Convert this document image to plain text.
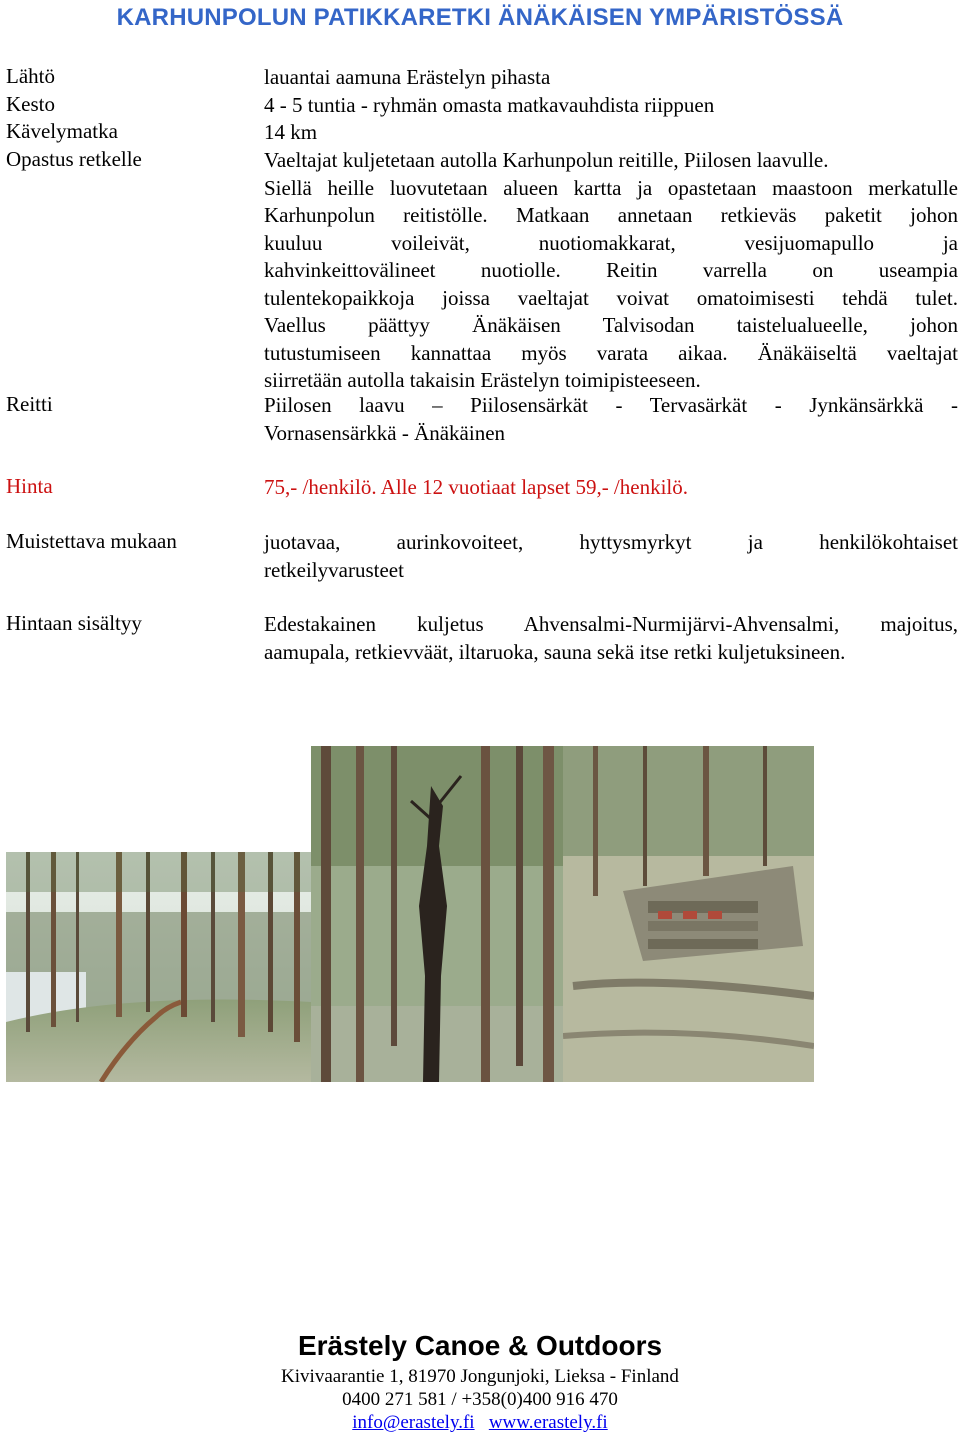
KARHUNPOLUN PATIKKARETKI ÄNÄKÄISEN YMPÄRISTÖSSÄ
Lähtö	lauantai aamuna Erästelyn pihasta
Kesto	4 - 5 tuntia - ryhmän omasta matkavauhdista riippuen
Kävelymatka	14 km
Opastus retkelle	Vaeltajat kuljetetaan autolla Karhunpolun reitille, Piilosen laavulle.
Siellä heille luovutetaan alueen kartta ja opastetaan maastoon merkatulle
Karhunpolun reitistölle. Matkaan annetaan retkieväs paketit johon
kuuluu voileivät, nuotiomakkarat, vesijuomapullo ja
kahvinkeittovälineet nuotiolle. Reitin varrella on useampia
tulentekopaikkoja joissa vaeltajat voivat omatoimisesti tehdä tulet.
Vaellus päättyy Änäkäisen Talvisodan taistelualueelle, johon
tutustumiseen kannattaa myös varata aikaa. Änäkäiseltä vaeltajat
siirretään autolla takaisin Erästelyn toimipisteeseen.
Reitti	Piilosen laavu – Piilosensärkät - Tervasärkät - Jynkänsärkkä -
Vornasensärkkä - Änäkäinen
Hinta	75,- /henkilö. Alle 12 vuotiaat lapset 59,- /henkilö.
Muistettava mukaan	juotavaa, aurinkovoiteet, hyttysmyrkyt ja henkilökohtaiset
retkeilyvarusteet
Hintaan sisältyy	Edestakainen kuljetus Ahvensalmi-Nurmijärvi-Ahvensalmi, majoitus,
aamupala, retkievväät, iltaruoka, sauna sekä itse retki kuljetuksineen.
Erästely Canoe & Outdoors
Kivivaarantie 1, 81970 Jongunjoki, Lieksa - Finland
0400 271 581 / +358(0)400 916 470
info@erastely.fi www.erastely.fi
